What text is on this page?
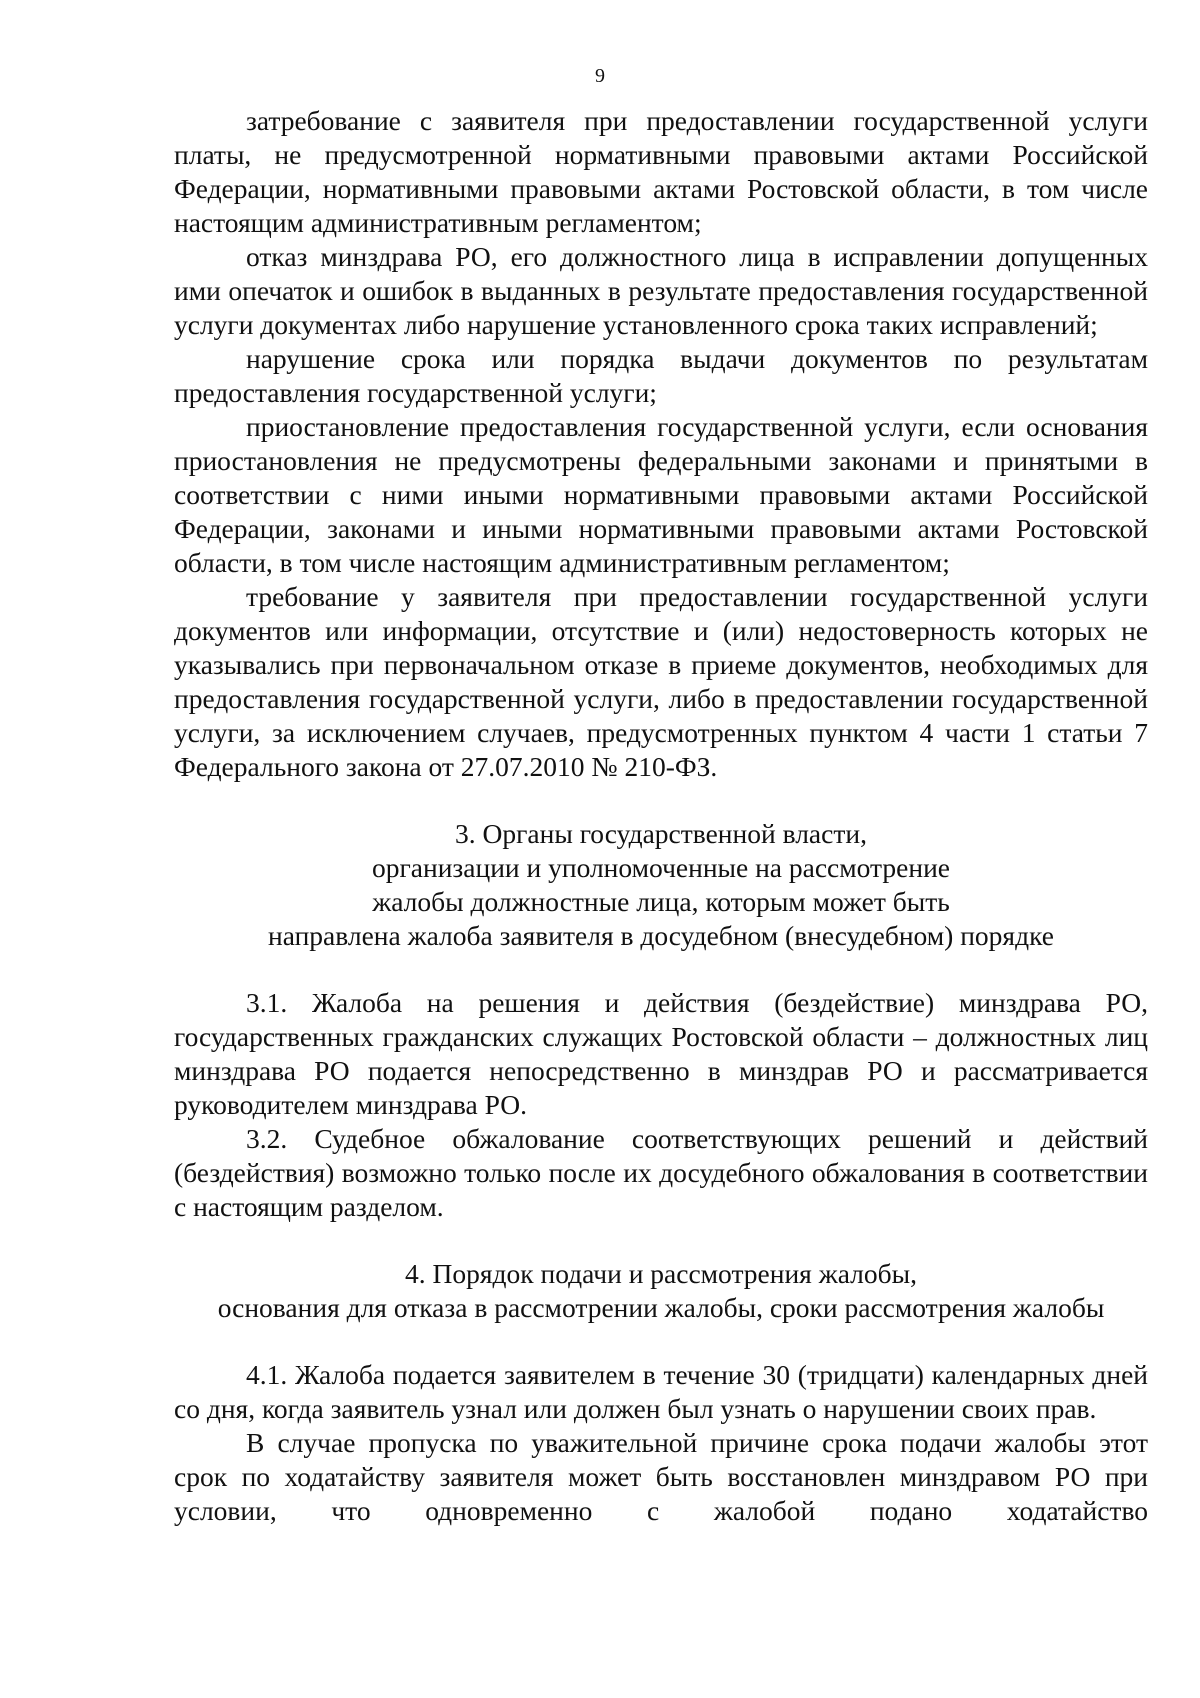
9

затребование с заявителя при предоставлении государственной услуги платы, не предусмотренной нормативными правовыми актами Российской Федерации, нормативными правовыми актами Ростовской области, в том числе настоящим административным регламентом;

отказ минздрава РО, его должностного лица в исправлении допущенных ими опечаток и ошибок в выданных в результате предоставления государственной услуги документах либо нарушение установленного срока таких исправлений;

нарушение срока или порядка выдачи документов по результатам предоставления государственной услуги;

приостановление предоставления государственной услуги, если основания приостановления не предусмотрены федеральными законами и принятыми в соответствии с ними иными нормативными правовыми актами Российской Федерации, законами и иными нормативными правовыми актами Ростовской области, в том числе настоящим административным регламентом;

требование у заявителя при предоставлении государственной услуги документов или информации, отсутствие и (или) недостоверность которых не указывались при первоначальном отказе в приеме документов, необходимых для предоставления государственной услуги, либо в предоставлении государственной услуги, за исключением случаев, предусмотренных пунктом 4 части 1 статьи 7 Федерального закона от 27.07.2010 № 210-ФЗ.

3. Органы государственной власти,

организации и уполномоченные на рассмотрение

жалобы должностные лица, которым может быть

направлена жалоба заявителя в досудебном (внесудебном) порядке

3.1. Жалоба на решения и действия (бездействие) минздрава РО, государственных гражданских служащих Ростовской области – должностных лиц минздрава РО подается непосредственно в минздрав РО и рассматривается руководителем минздрава РО.

3.2. Судебное обжалование соответствующих решений и действий (бездействия) возможно только после их досудебного обжалования в соответствии с настоящим разделом.

4. Порядок подачи и рассмотрения жалобы,

основания для отказа в рассмотрении жалобы, сроки рассмотрения жалобы

4.1. Жалоба подается заявителем в течение 30 (тридцати) календарных дней со дня, когда заявитель узнал или должен был узнать о нарушении своих прав.

В случае пропуска по уважительной причине срока подачи жалобы этот срок по ходатайству заявителя может быть восстановлен минздравом РО при условии, что одновременно с жалобой подано ходатайство
